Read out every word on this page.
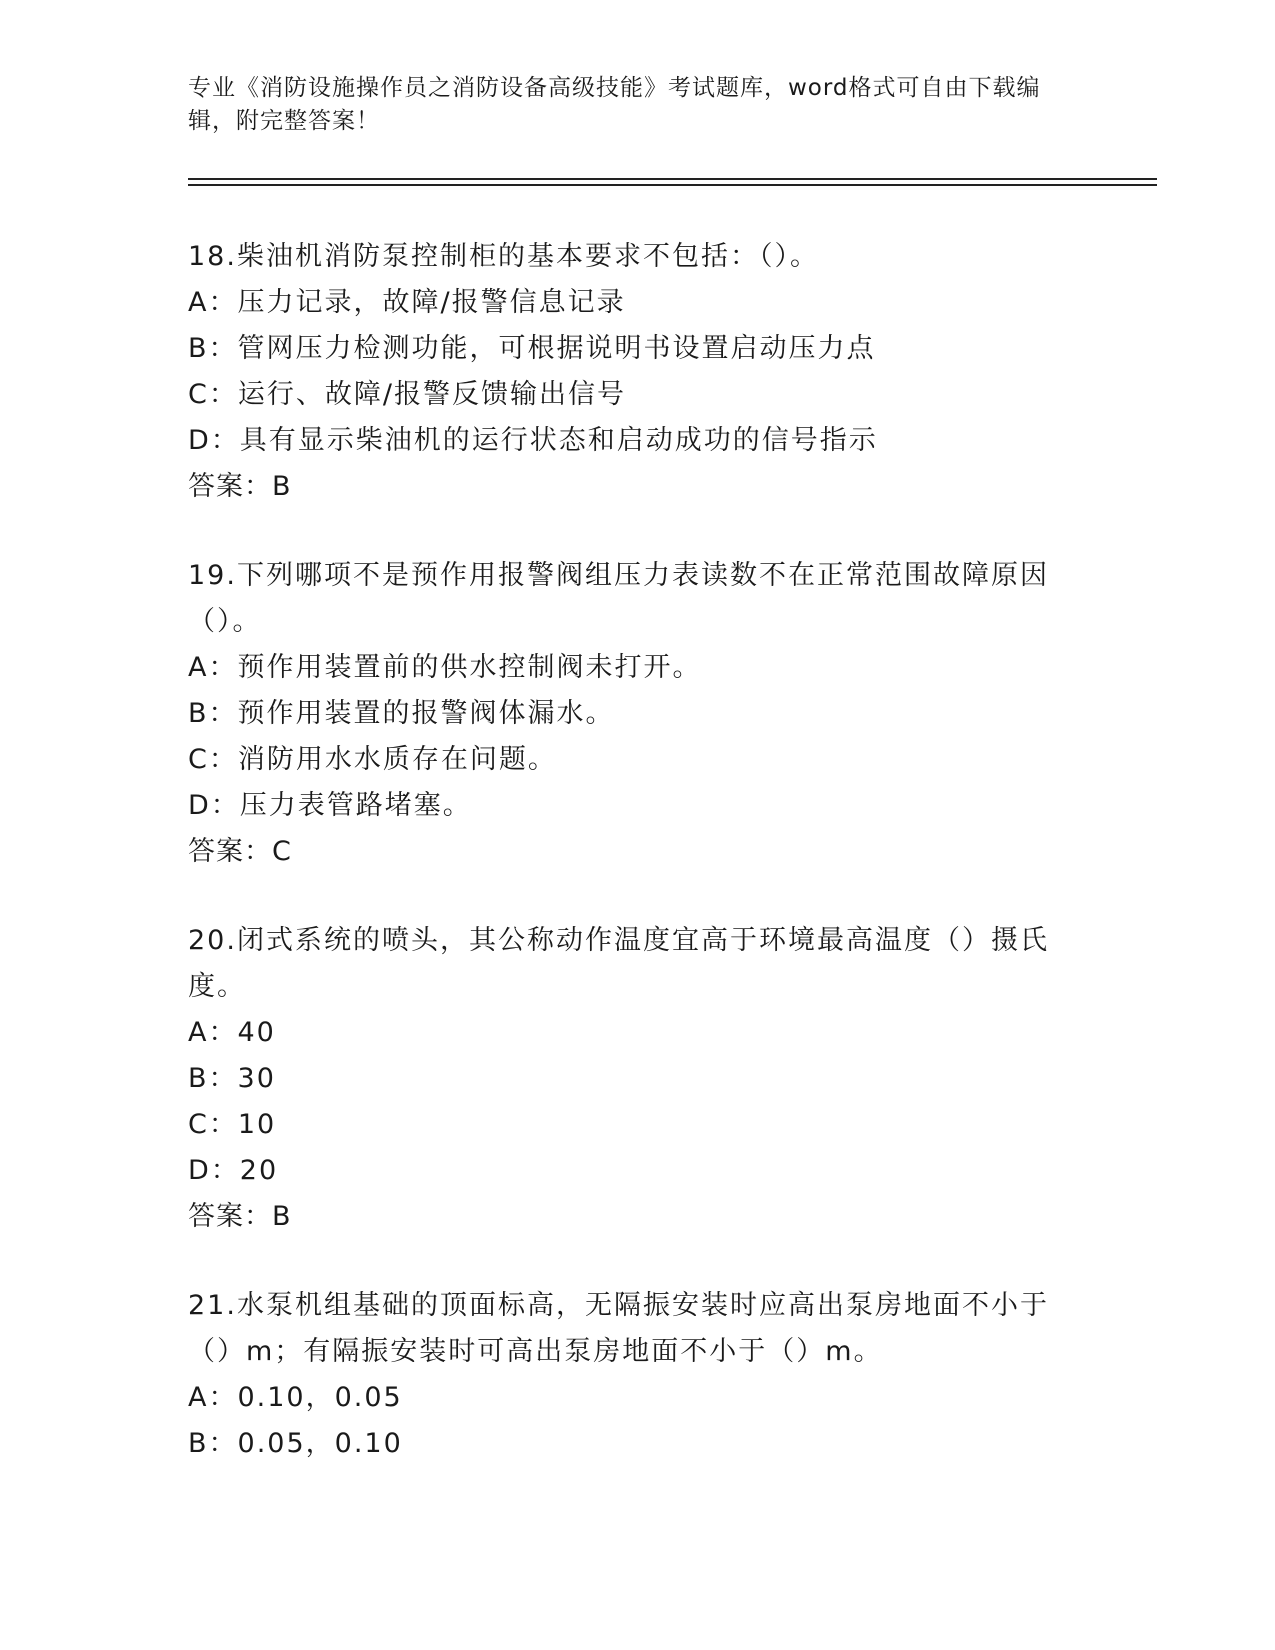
专业《消防设施操作员之消防设备高级技能》考试题库，word格式可自由下载编辑，附完整答案！
18.柴油机消防泵控制柜的基本要求不包括：（）。
A：压力记录，故障/报警信息记录
B：管网压力检测功能，可根据说明书设置启动压力点
C：运行、故障/报警反馈输出信号
D：具有显示柴油机的运行状态和启动成功的信号指示
答案：B
19.下列哪项不是预作用报警阀组压力表读数不在正常范围故障原因（）。
A：预作用装置前的供水控制阀未打开。
B：预作用装置的报警阀体漏水。
C：消防用水水质存在问题。
D：压力表管路堵塞。
答案：C
20.闭式系统的喷头，其公称动作温度宜高于环境最高温度（）摄氏度。
A：40
B：30
C：10
D：20
答案：B
21.水泵机组基础的顶面标高，无隔振安装时应高出泵房地面不小于（）m；有隔振安装时可高出泵房地面不小于（）m。
A：0.10，0.05
B：0.05，0.10
